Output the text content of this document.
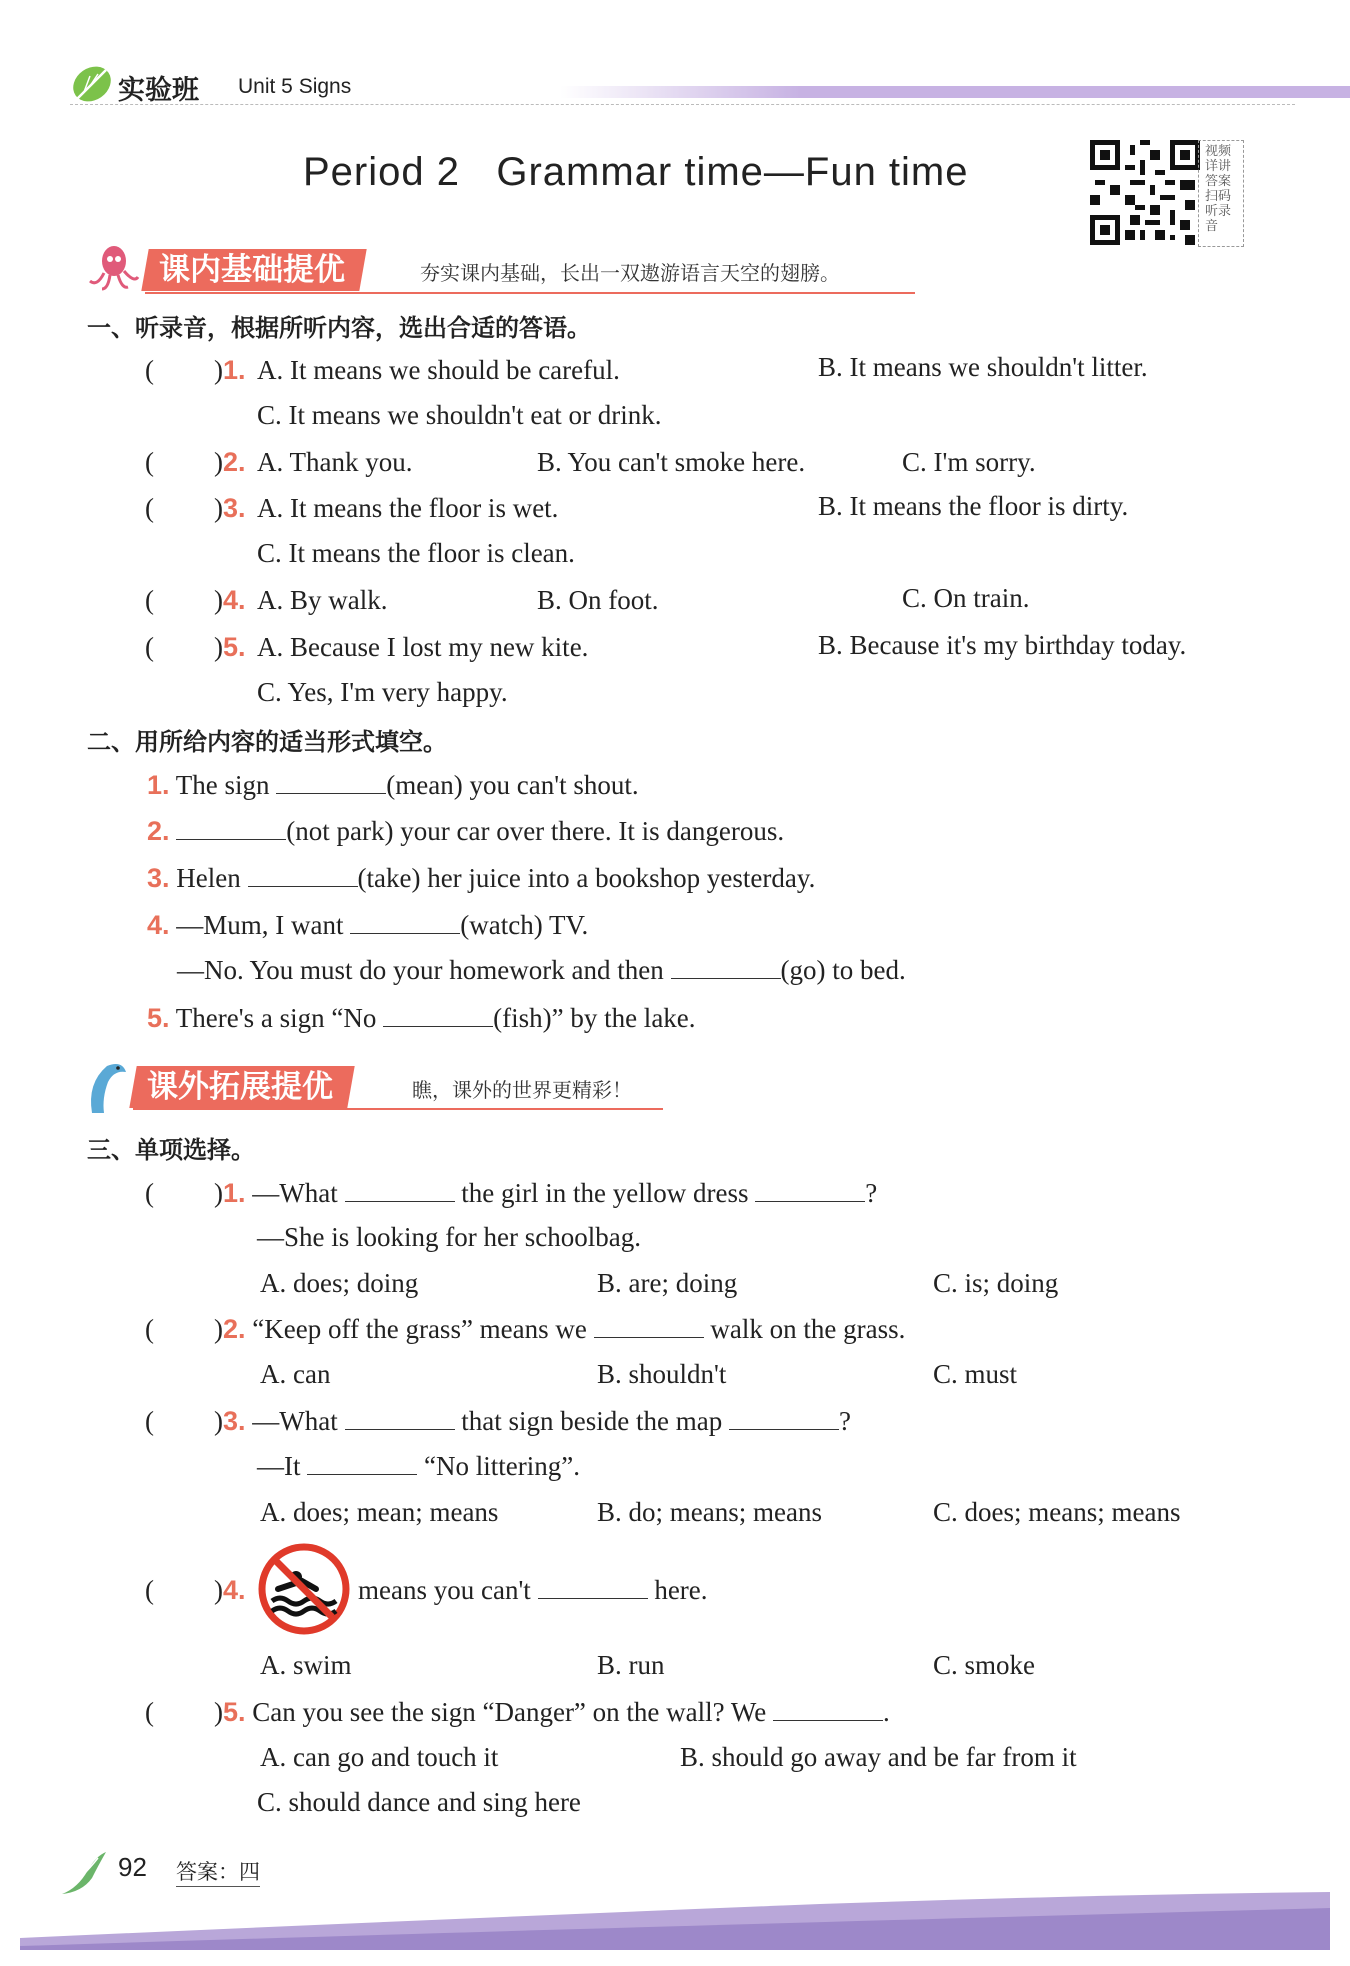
实验班 Unit 5 Signs
Period 2   Grammar time—Fun time	视频详讲答案 扫码听录音
课内基础提优	夯实课内基础，长出一双遨游语言天空的翅膀。
一、听录音，根据所听内容，选出合适的答语。
( )1. A. It means we should be careful.	B. It means we shouldn't litter.
C. It means we shouldn't eat or drink.
( )2. A. Thank you.	B. You can't smoke here.	C. I'm sorry.
( )3. A. It means the floor is wet.	B. It means the floor is dirty.
C. It means the floor is clean.
( )4. A. By walk.	B. On foot.	C. On train.
( )5. A. Because I lost my new kite.	B. Because it's my birthday today.
C. Yes, I'm very happy.
二、用所给内容的适当形式填空。
1. The sign	(mean) you can't shout.
2.	(not park) your car over there. It is dangerous.
3. Helen	(take) her juice into a bookshop yesterday.
4. —Mum, I want	(watch) TV.
—No. You must do your homework and then	(go) to bed.
5. There's a sign “No	(fish)” by the lake.
课外拓展提优	瞧，课外的世界更精彩！
三、单项选择。
( )1. —What	the girl in the yellow dress	?
—She is looking for her schoolbag.
A. does; doing	B. are; doing	C. is; doing
( )2. “Keep off the grass” means we	walk on the grass.
A. can	B. shouldn't	C. must
( )3. —What	that sign beside the map	?
—It	“No littering”.
A. does; mean; means	B. do; means; means	C. does; means; means
( )4.	means you can't	here.
A. swim	B. run	C. smoke
( )5. Can you see the sign “Danger” on the wall? We	.
A. can go and touch it	B. should go away and be far from it
C. should dance and sing here
92 答案：四
